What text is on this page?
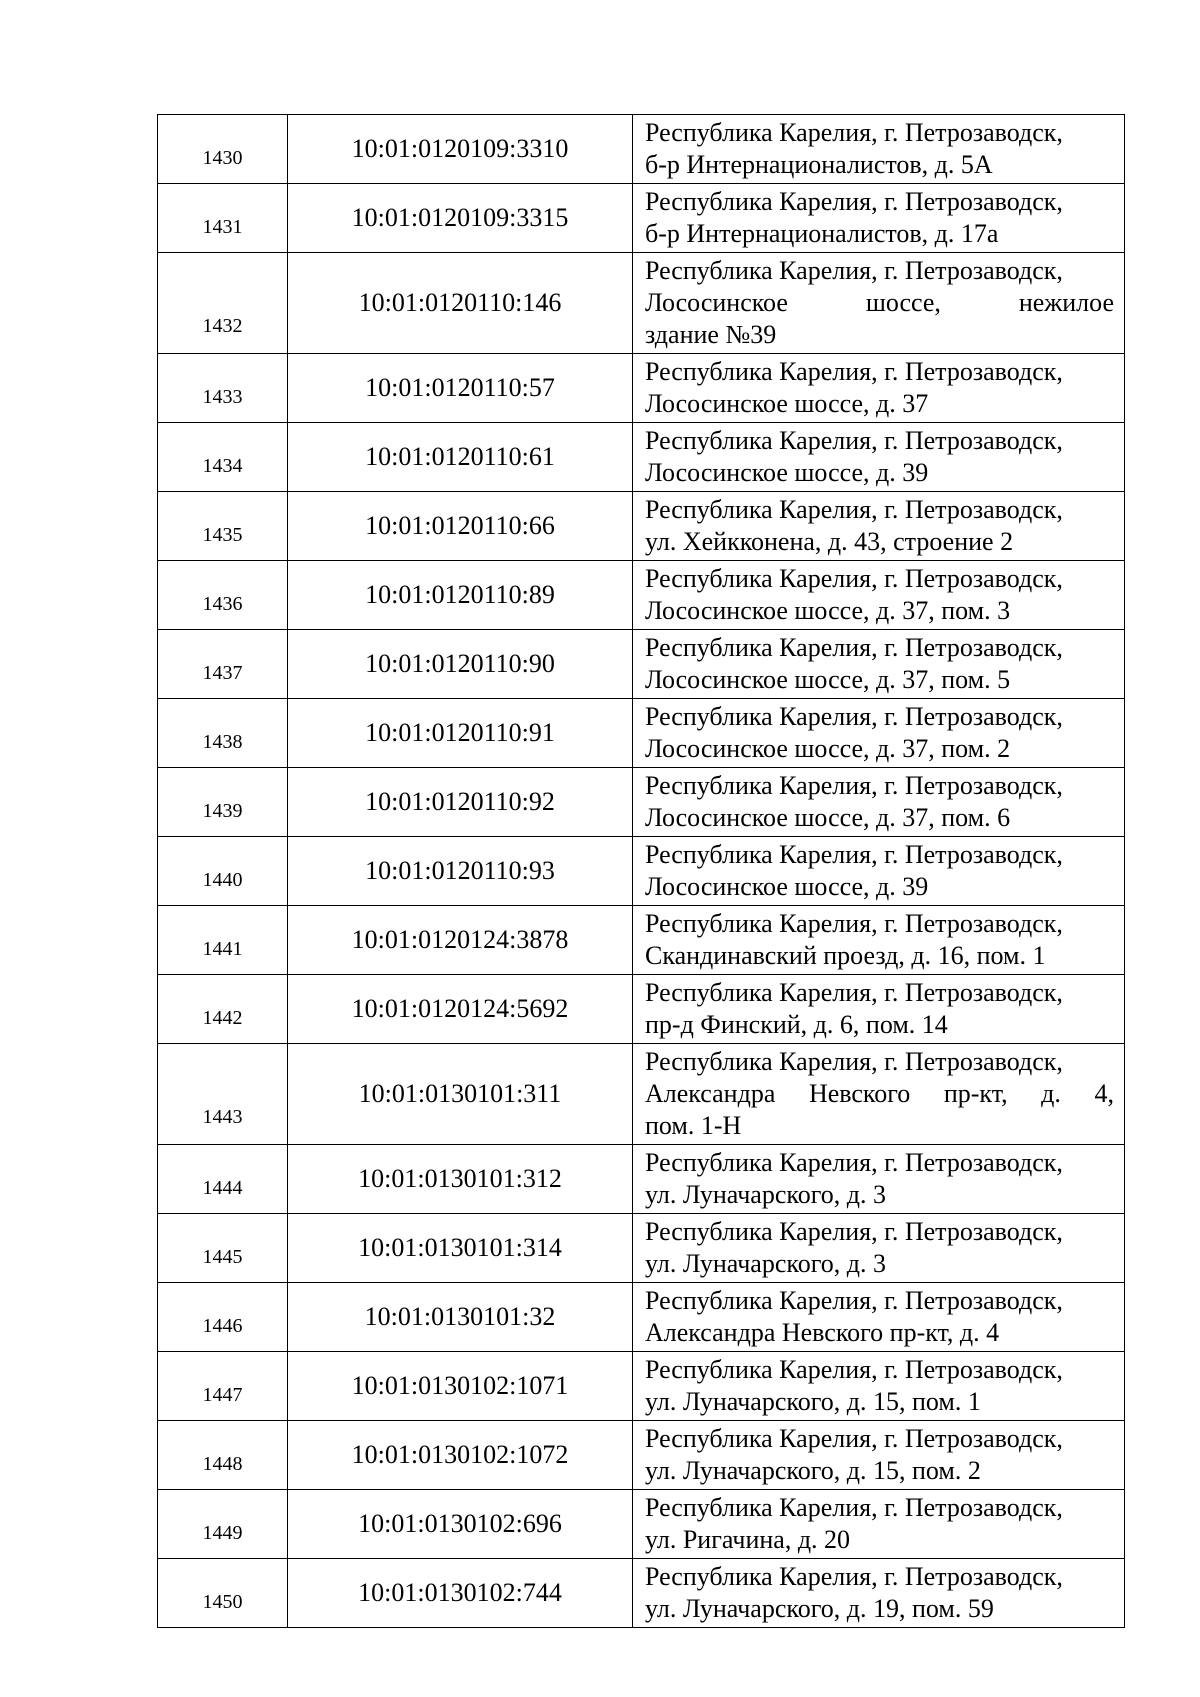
1430	10:01:0120109:3310	Республика Карелия, г. Петрозаводск,
б-р Интернационалистов, д. 5А

1431	10:01:0120109:3315	Республика Карелия, г. Петрозаводск,
б-р Интернационалистов, д. 17а

1432	10:01:0120110:146	Республика Карелия, г. Петрозаводск,
Лососинское шоссе, нежилое
здание №39

1433	10:01:0120110:57	Республика Карелия, г. Петрозаводск,
Лососинское шоссе, д. 37

1434	10:01:0120110:61	Республика Карелия, г. Петрозаводск,
Лососинское шоссе, д. 39

1435	10:01:0120110:66	Республика Карелия, г. Петрозаводск,
ул. Хейкконена, д. 43, строение 2

1436	10:01:0120110:89	Республика Карелия, г. Петрозаводск,
Лососинское шоссе, д. 37, пом. 3

1437	10:01:0120110:90	Республика Карелия, г. Петрозаводск,
Лососинское шоссе, д. 37, пом. 5

1438	10:01:0120110:91	Республика Карелия, г. Петрозаводск,
Лососинское шоссе, д. 37, пом. 2

1439	10:01:0120110:92	Республика Карелия, г. Петрозаводск,
Лососинское шоссе, д. 37, пом. 6

1440	10:01:0120110:93	Республика Карелия, г. Петрозаводск,
Лососинское шоссе, д. 39

1441	10:01:0120124:3878	Республика Карелия, г. Петрозаводск,
Скандинавский проезд, д. 16, пом. 1

1442	10:01:0120124:5692	Республика Карелия, г. Петрозаводск,
пр-д Финский, д. 6, пом. 14

1443	10:01:0130101:311	Республика Карелия, г. Петрозаводск,
Александра Невского пр-кт, д. 4,
пом. 1-Н

1444	10:01:0130101:312	Республика Карелия, г. Петрозаводск,
ул. Луначарского, д. 3

1445	10:01:0130101:314	Республика Карелия, г. Петрозаводск,
ул. Луначарского, д. 3

1446	10:01:0130101:32	Республика Карелия, г. Петрозаводск,
Александра Невского пр-кт, д. 4

1447	10:01:0130102:1071	Республика Карелия, г. Петрозаводск,
ул. Луначарского, д. 15, пом. 1

1448	10:01:0130102:1072	Республика Карелия, г. Петрозаводск,
ул. Луначарского, д. 15, пом. 2

1449	10:01:0130102:696	Республика Карелия, г. Петрозаводск,
ул. Ригачина, д. 20

1450	10:01:0130102:744	Республика Карелия, г. Петрозаводск,
ул. Луначарского, д. 19, пом. 59
